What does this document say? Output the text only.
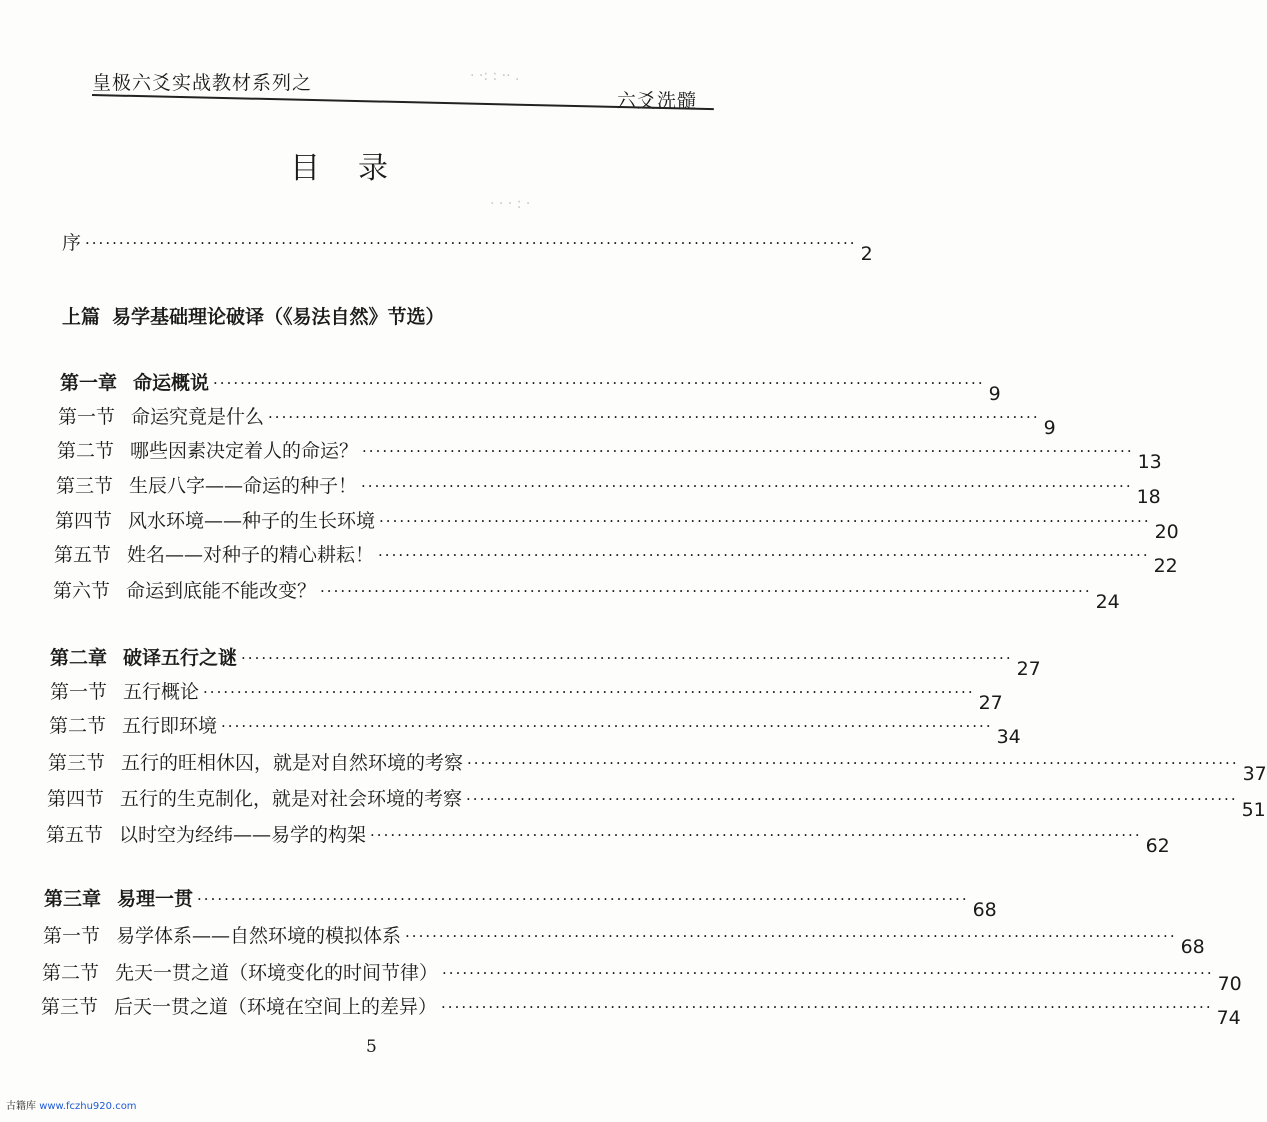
皇极六爻实战教材系列之
六爻洗髓
· ·: : ·· .
· · · : ·
目录
序 ·················································································································· 2
上篇 易学基础理论破译（《易法自然》节选）
第一章 命运概说 ·················································································································· 9
第一节 命运究竟是什么 ·················································································································· 9
第二节 哪些因素决定着人的命运？ ·················································································································· 13
第三节 生辰八字——命运的种子！ ·················································································································· 18
第四节 风水环境——种子的生长环境 ·················································································································· 20
第五节 姓名——对种子的精心耕耘！ ·················································································································· 22
第六节 命运到底能不能改变？ ·················································································································· 24
第二章 破译五行之谜 ·················································································································· 27
第一节 五行概论 ·················································································································· 27
第二节 五行即环境 ·················································································································· 34
第三节 五行的旺相休囚，就是对自然环境的考察 ·················································································································· 37
第四节 五行的生克制化，就是对社会环境的考察 ·················································································································· 51
第五节 以时空为经纬——易学的构架 ·················································································································· 62
第三章 易理一贯 ·················································································································· 68
第一节 易学体系——自然环境的模拟体系 ·················································································································· 68
第二节 先天一贯之道（环境变化的时间节律） ·················································································································· 70
第三节 后天一贯之道（环境在空间上的差异） ·················································································································· 74
5
古籍库 www.fczhu920.com
